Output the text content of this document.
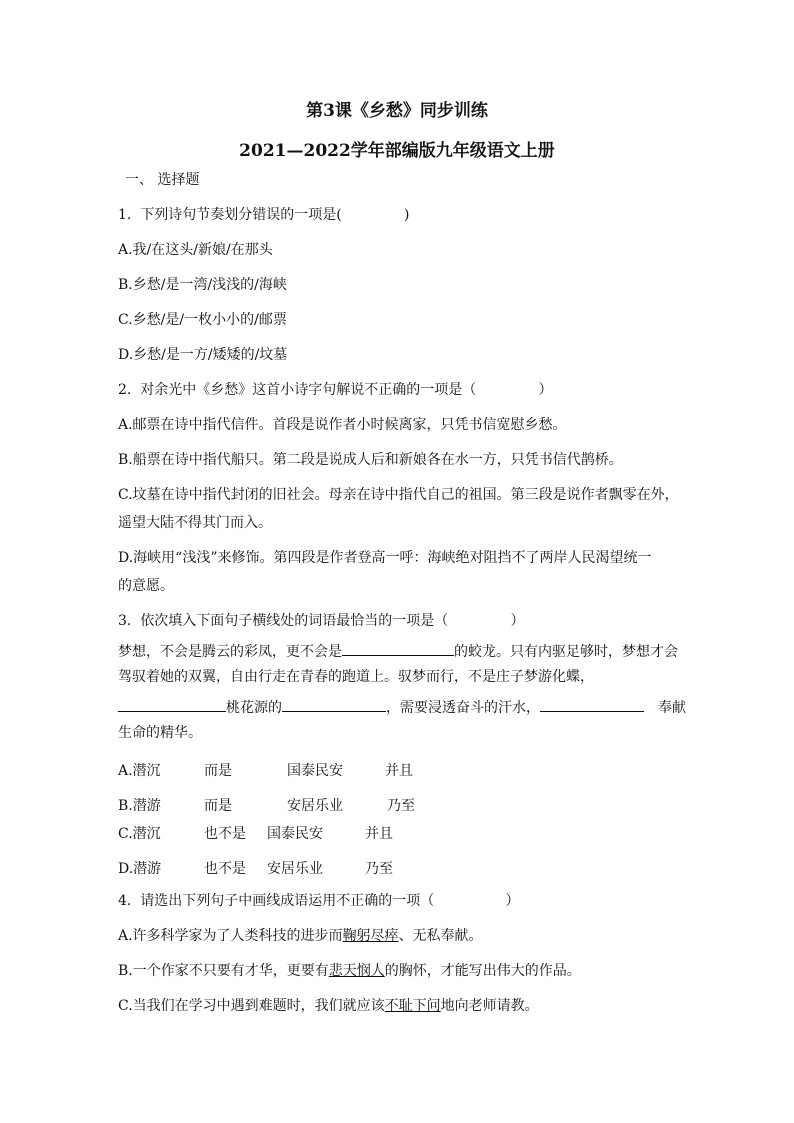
第3课《乡愁》同步训练
2021—2022学年部编版九年级语文上册
一、 选择题
1.  下列诗句节奏划分错误的一项是(              )
A.我/在这头/新娘/在那头
B.乡愁/是一湾/浅浅的/海峡
C.乡愁/是/一枚小小的/邮票
D.乡愁/是一方/矮矮的/坟墓
2.  对余光中《乡愁》这首小诗字句解说不正确的一项是（              ）
A.邮票在诗中指代信件。首段是说作者小时候离家，只凭书信宽慰乡愁。
B.船票在诗中指代船只。第二段是说成人后和新娘各在水一方，只凭书信代鹊桥。
C.坟墓在诗中指代封闭的旧社会。母亲在诗中指代自己的祖国。第三段是说作者飘零在外，
遥望大陆不得其门而入。
D.海峡用“浅浅”来修饰。第四段是作者登高一呼：海峡绝对阻挡不了两岸人民渴望统一
的意愿。
3.  依次填入下面句子横线处的词语最恰当的一项是（              ）
梦想，不会是腾云的彩凤，更不会是	的蛟龙。只有内驱足够时，梦想才会
驾驭着她的双翼，自由行走在青春的跑道上。驭梦而行，不是庄子梦游化蝶，
桃花源的	，需要浸透奋斗的汗水，	奉献
生命的精华。
A.潜沉	而是	国泰民安	并且
B.潜游	而是	安居乐业	乃至
C.潜沉	也不是 国泰民安	并且
D.潜游	也不是 安居乐业	乃至
4.  请选出下列句子中画线成语运用不正确的一项（                ）
A.许多科学家为了人类科技的进步而鞠躬尽瘁、无私奉献。
B.一个作家不只要有才华，更要有悲天悯人的胸怀，才能写出伟大的作品。
C.当我们在学习中遇到难题时，我们就应该不耻下问地向老师请教。
